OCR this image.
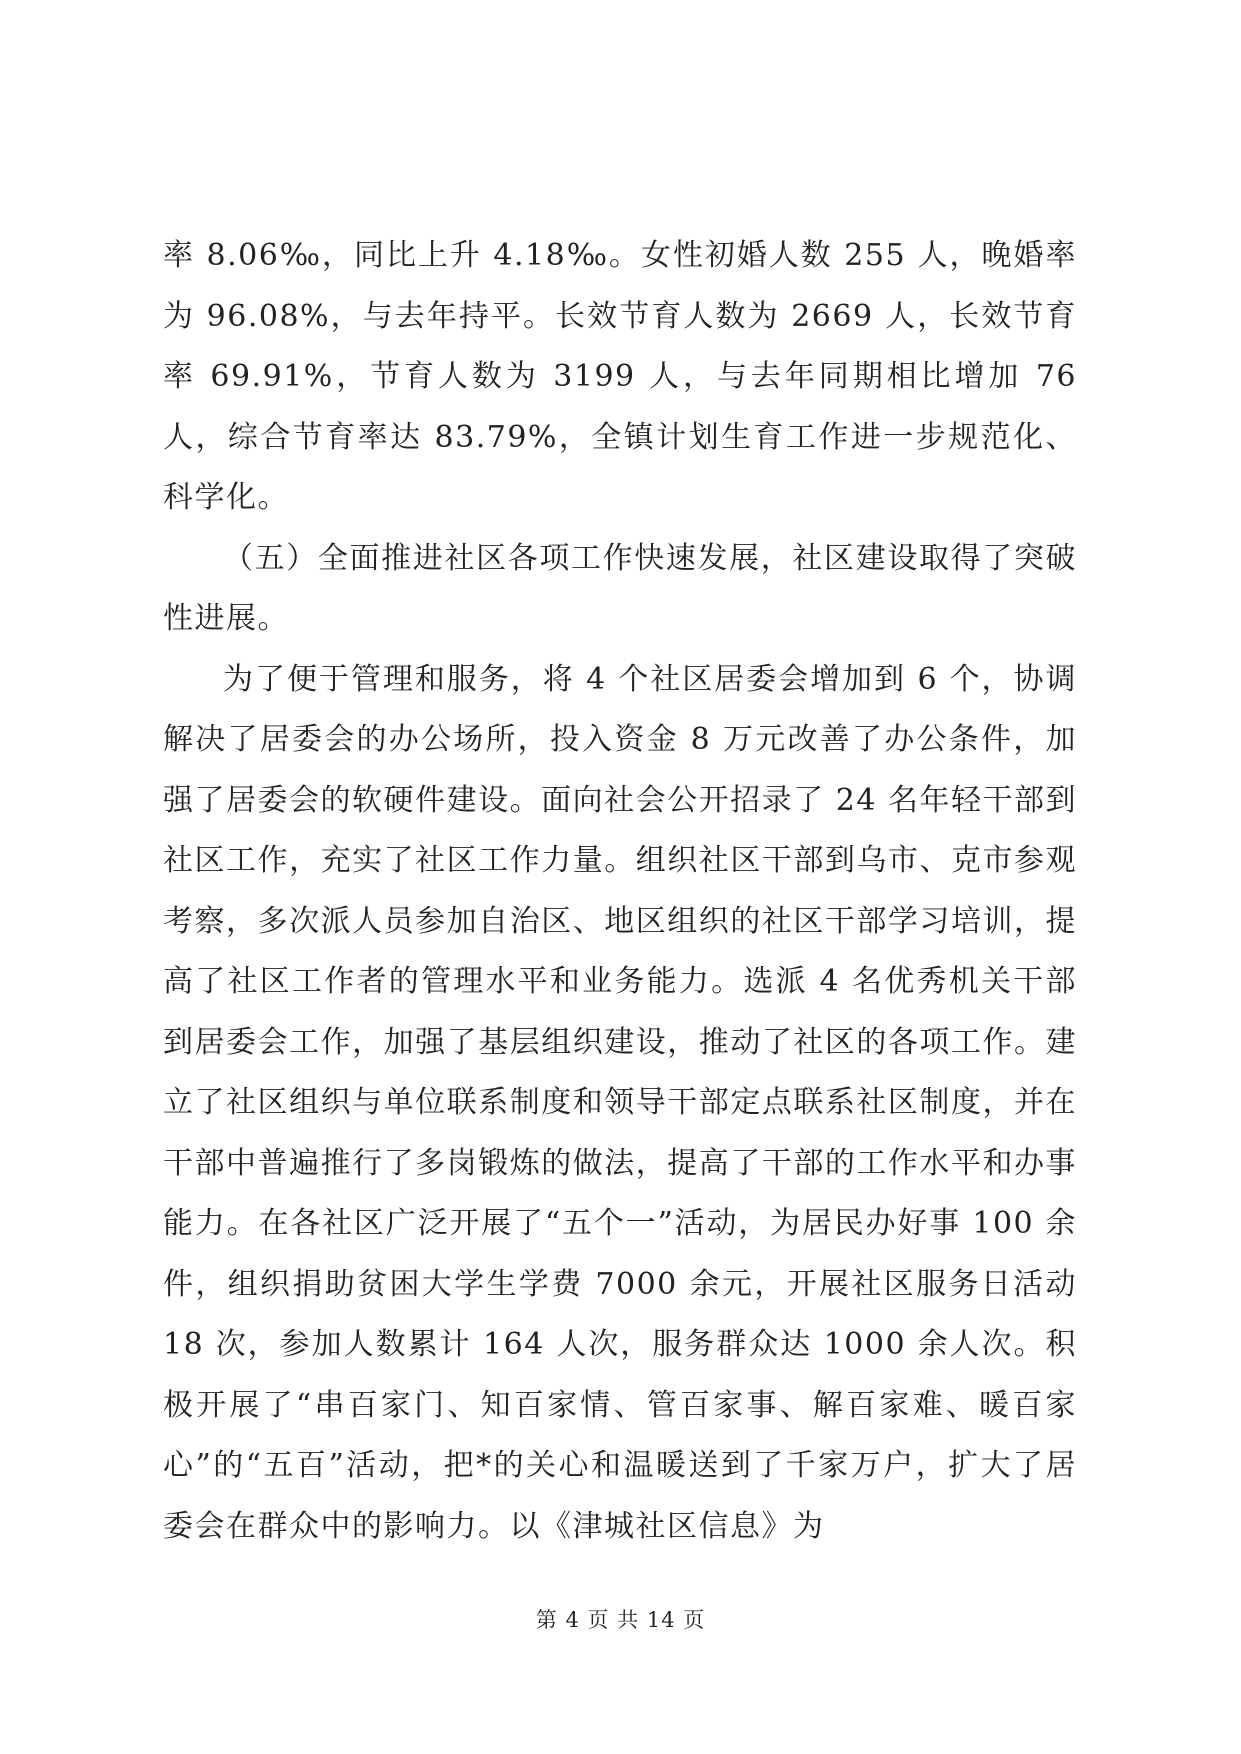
率 8.06‰，同比上升 4.18‰。女性初婚人数 255 人，晚婚率为 96.08%，与去年持平。长效节育人数为 2669 人，长效节育率 69.91%，节育人数为 3199 人，与去年同期相比增加 76 人，综合节育率达 83.79%，全镇计划生育工作进一步规范化、科学化。

（五）全面推进社区各项工作快速发展，社区建设取得了突破性进展。

为了便于管理和服务，将 4 个社区居委会增加到 6 个，协调解决了居委会的办公场所，投入资金 8 万元改善了办公条件，加强了居委会的软硬件建设。面向社会公开招录了 24 名年轻干部到社区工作，充实了社区工作力量。组织社区干部到乌市、克市参观考察，多次派人员参加自治区、地区组织的社区干部学习培训，提高了社区工作者的管理水平和业务能力。选派 4 名优秀机关干部到居委会工作，加强了基层组织建设，推动了社区的各项工作。建立了社区组织与单位联系制度和领导干部定点联系社区制度，并在干部中普遍推行了多岗锻炼的做法，提高了干部的工作水平和办事能力。在各社区广泛开展了“五个一”活动，为居民办好事 100 余件，组织捐助贫困大学生学费 7000 余元，开展社区服务日活动 18 次，参加人数累计 164 人次，服务群众达 1000 余人次。积极开展了“串百家门、知百家情、管百家事、解百家难、暖百家心”的“五百”活动，把*的关心和温暖送到了千家万户，扩大了居委会在群众中的影响力。以《津城社区信息》为

第 4 页 共 14 页
